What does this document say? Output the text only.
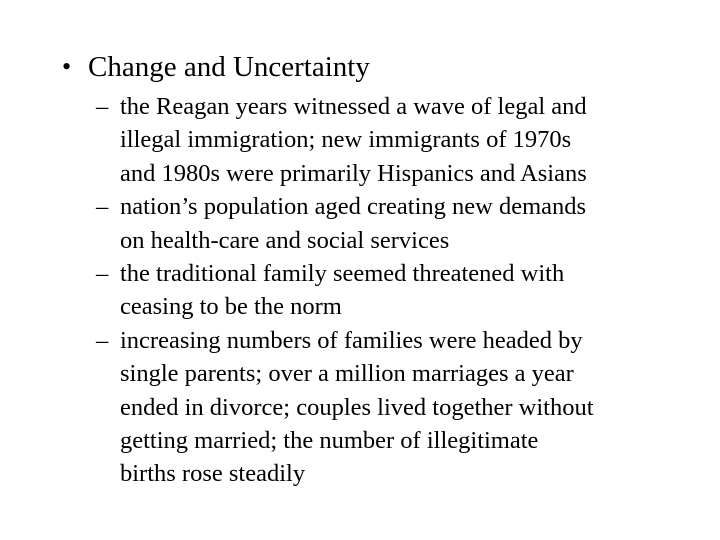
• Change and Uncertainty
– the Reagan years witnessed a wave of legal and
illegal immigration; new immigrants of 1970s
and 1980s were primarily Hispanics and Asians
– nation’s population aged creating new demands
on health-care and social services
– the traditional family seemed threatened with
ceasing to be the norm
– increasing numbers of families were headed by
single parents; over a million marriages a year
ended in divorce; couples lived together without
getting married; the number of illegitimate
births rose steadily
